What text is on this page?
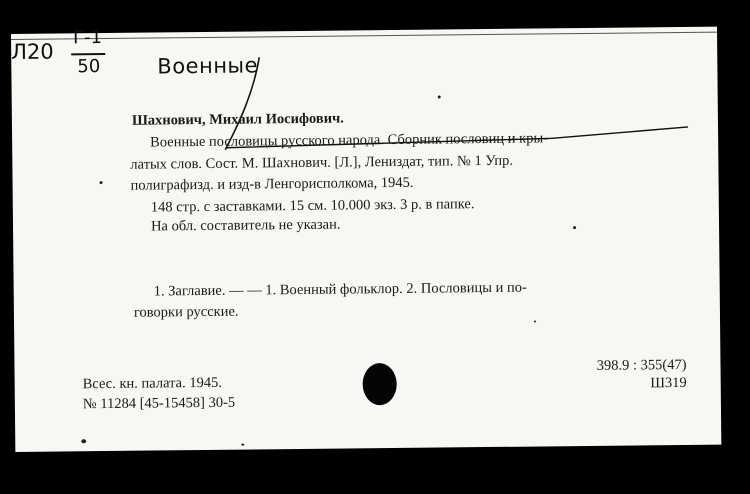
Военные

Л20
Г-1
50

Шахнович, Михаил Иосифович.

Военные пословицы русского народа. Сборник пословиц и кры-

латых слов. Сост. М. Шахнович. [Л.], Лениздат, тип. № 1 Упр.

полиграфизд. и изд-в Ленгорисполкома, 1945.

148 стр. с заставками. 15 см. 10.000 экз. 3 р. в папке.

На обл. составитель не указан.

1. Заглавие. — — 1. Военный фольклор. 2. Пословицы и по-

говорки русские.

Всес. кн. палата. 1945.

№ 11284 [45-15458] 30-5

398.9 : 355(47)
Ш319
